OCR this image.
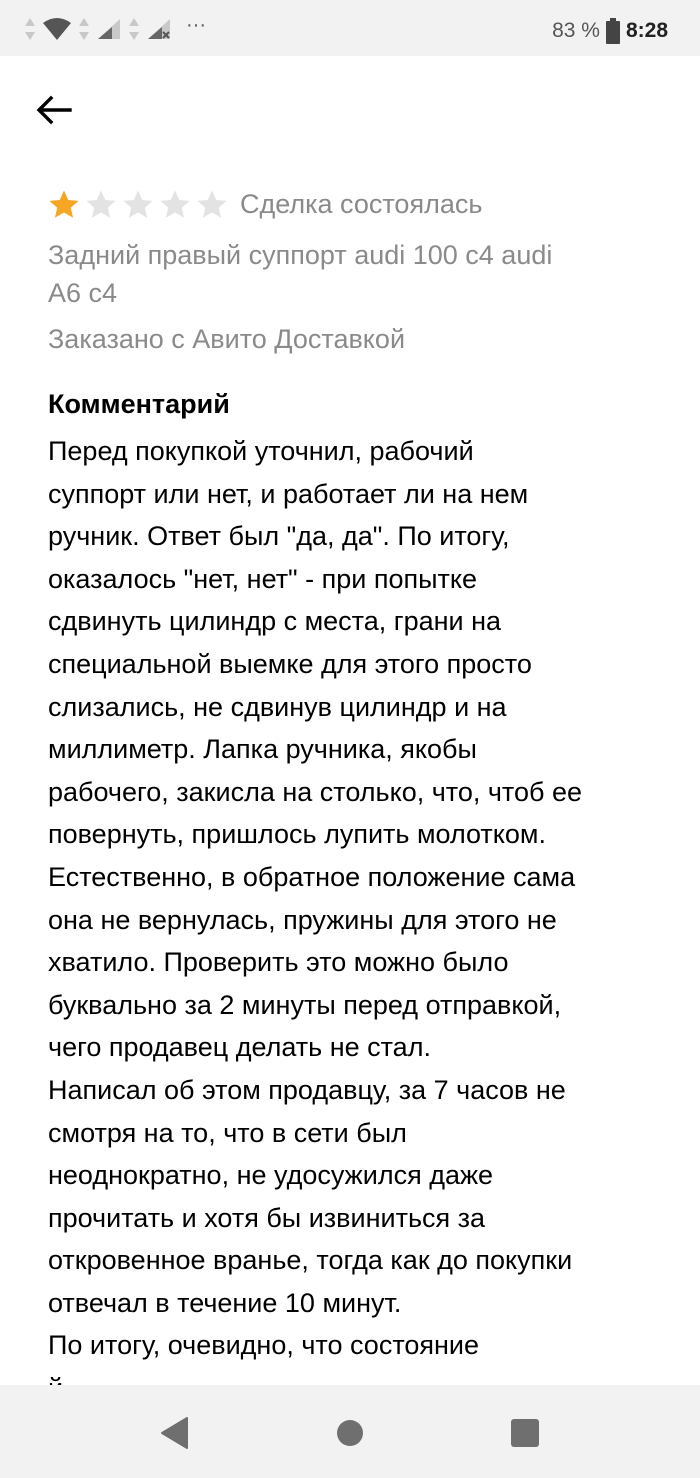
···	83 % 8:28
Сделка состоялась
Задний правый суппорт audi 100 c4 audi
A6 c4
Заказано с Авито Доставкой
Комментарий
Перед покупкой уточнил, рабочий
суппорт или нет, и работает ли на нем
ручник. Ответ был "да, да". По итогу,
оказалось "нет, нет" - при попытке
сдвинуть цилиндр с места, грани на
специальной выемке для этого просто
слизались, не сдвинув цилиндр и на
миллиметр. Лапка ручника, якобы
рабочего, закисла на столько, что, чтоб ее
повернуть, пришлось лупить молотком.
Естественно, в обратное положение сама
она не вернулась, пружины для этого не
хватило. Проверить это можно было
буквально за 2 минуты перед отправкой,
чего продавец делать не стал.
Написал об этом продавцу, за 7 часов не
смотря на то, что в сети был
неоднократно, не удосужился даже
прочитать и хотя бы извиниться за
откровенное вранье, тогда как до покупки
отвечал в течение 10 минут.
По итогу, очевидно, что состояние
